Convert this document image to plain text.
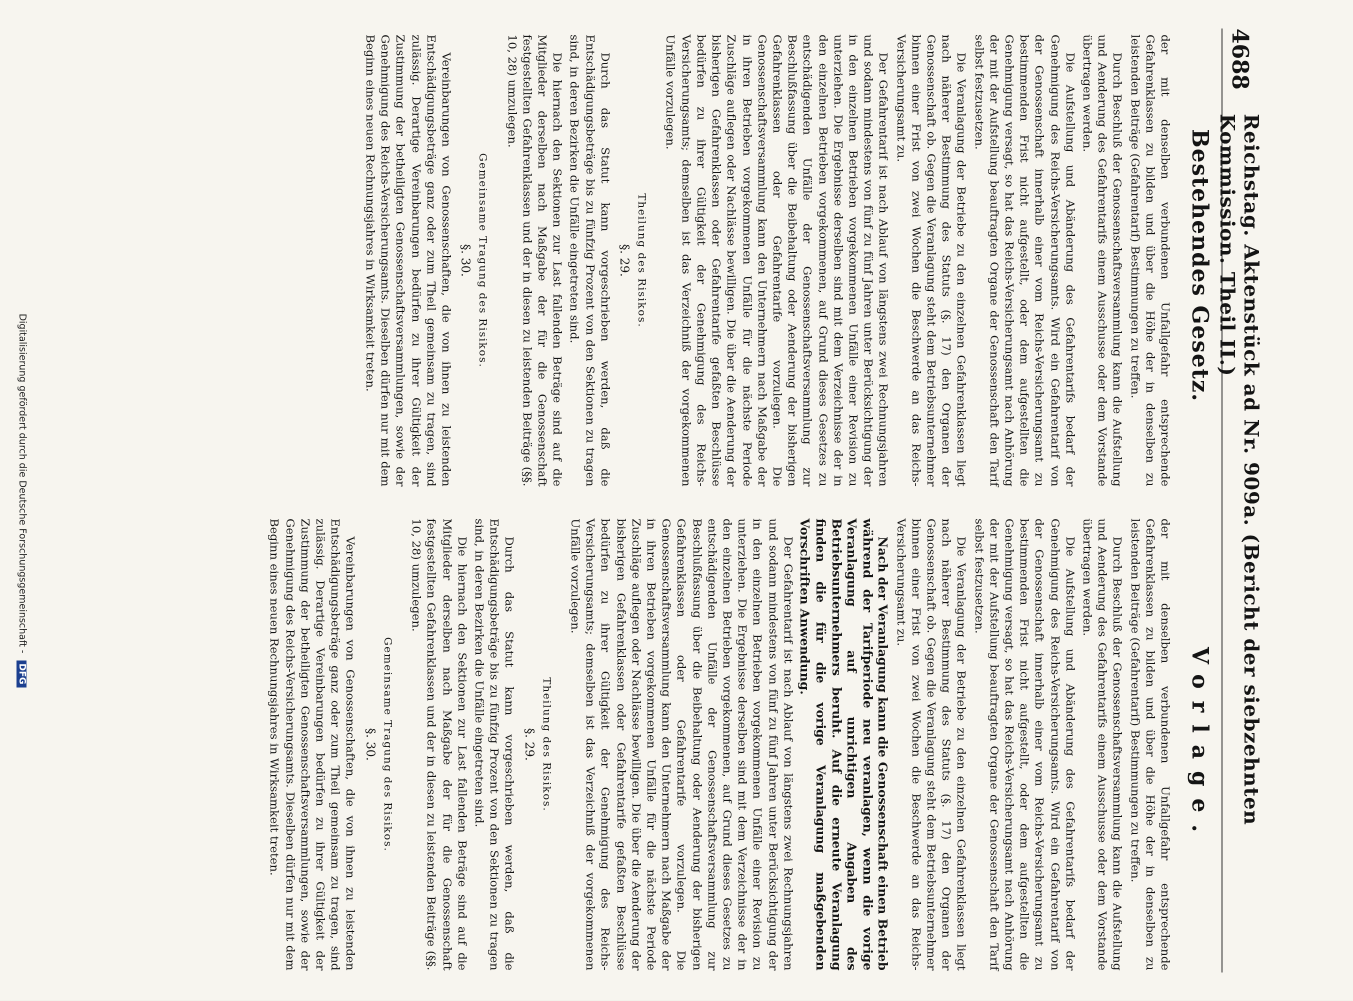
4688
Reichstag. Aktenstück ad Nr. 909a. (Bericht der siebzehnten Kommission. Theil II.)
Bestehendes Gesetz.
Vorlage.

der mit denselben verbundenen Unfallgefahr entsprechende Gefahrenklassen zu bilden und über die Höhe der in denselben zu leistenden Beiträge (Gefahrentarif) Bestimmungen zu treffen.

Durch Beschluß der Genossenschaftsversammlung kann die Aufstellung und Aenderung des Gefahrentarifs einem Ausschusse oder dem Vorstande übertragen werden.

Die Aufstellung und Abänderung des Gefahrentarifs bedarf der Genehmigung des Reichs-Versicherungsamts. Wird ein Gefahrentarif von der Genossenschaft innerhalb einer vom Reichs-Versicherungsamt zu bestimmenden Frist nicht aufgestellt, oder dem aufgestellten die Genehmigung versagt, so hat das Reichs-Versicherungsamt nach Anhörung der mit der Aufstellung beauftragten Organe der Genossenschaft den Tarif selbst festzusetzen.

Die Veranlagung der Betriebe zu den einzelnen Gefahrenklassen liegt nach näherer Bestimmung des Statuts (§. 17) den Organen der Genossenschaft ob. Gegen die Veranlagung steht dem Betriebsunternehmer binnen einer Frist von zwei Wochen die Beschwerde an das Reichs-Versicherungsamt zu.

Der Gefahrentarif ist nach Ablauf von längstens zwei Rechnungsjahren und sodann mindestens von fünf zu fünf Jahren unter Berücksichtigung der in den einzelnen Betrieben vorgekommenen Unfälle einer Revision zu unterziehen. Die Ergebnisse derselben sind mit dem Verzeichnisse der in den einzelnen Betrieben vorgekommenen, auf Grund dieses Gesetzes zu entschädigenden Unfälle der Genossenschaftsversammlung zur Beschlußfassung über die Beibehaltung oder Aenderung der bisherigen Gefahrenklassen oder Gefahrentarife vorzulegen. Die Genossenschaftsversammlung kann den Unternehmern nach Maßgabe der in ihren Betrieben vorgekommenen Unfälle für die nächste Periode Zuschläge auflegen oder Nachlässe bewilligen. Die über die Aenderung der bisherigen Gefahrenklassen oder Gefahrentarife gefaßten Beschlüsse bedürfen zu ihrer Gültigkeit der Genehmigung des Reichs-Versicherungsamts; demselben ist das Verzeichniß der vorgekommenen Unfälle vorzulegen.

Theilung des Risikos.

§. 29.

Durch das Statut kann vorgeschrieben werden, daß die Entschädigungsbeträge bis zu fünfzig Prozent von den Sektionen zu tragen sind, in deren Bezirken die Unfälle eingetreten sind.

Die hiernach den Sektionen zur Last fallenden Beträge sind auf die Mitglieder derselben nach Maßgabe der für die Genossenschaft festgestellten Gefahrenklassen und der in diesen zu leistenden Beiträge (§§. 10, 28) umzulegen.

Gemeinsame Tragung des Risikos.

§. 30.

Vereinbarungen von Genossenschaften, die von ihnen zu leistenden Entschädigungsbeträge ganz oder zum Theil gemeinsam zu tragen, sind zulässig. Derartige Vereinbarungen bedürfen zu ihrer Gültigkeit der Zustimmung der betheiligten Genossenschaftsversammlungen, sowie der Genehmigung des Reichs-Versicherungsamts. Dieselben dürfen nur mit dem Beginn eines neuen Rechnungsjahres in Wirksamkeit treten.

der mit denselben verbundenen Unfallgefahr entsprechende Gefahrenklassen zu bilden und über die Höhe der in denselben zu leistenden Beiträge (Gefahrentarif) Bestimmungen zu treffen.

Durch Beschluß der Genossenschaftsversammlung kann die Aufstellung und Aenderung des Gefahrentarifs einem Ausschusse oder dem Vorstande übertragen werden.

Die Aufstellung und Abänderung des Gefahrentarifs bedarf der Genehmigung des Reichs-Versicherungsamts. Wird ein Gefahrentarif von der Genossenschaft innerhalb einer vom Reichs-Versicherungsamt zu bestimmenden Frist nicht aufgestellt, oder dem aufgestellten die Genehmigung versagt, so hat das Reichs-Versicherungsamt nach Anhörung der mit der Aufstellung beauftragten Organe der Genossenschaft den Tarif selbst festzusetzen.

Die Veranlagung der Betriebe zu den einzelnen Gefahrenklassen liegt nach näherer Bestimmung des Statuts (§. 17) den Organen der Genossenschaft ob. Gegen die Veranlagung steht dem Betriebsunternehmer binnen einer Frist von zwei Wochen die Beschwerde an das Reichs-Versicherungsamt zu.

Nach der Veranlagung kann die Genossenschaft einen Betrieb während der Tarifperiode neu veranlagen, wenn die vorige Veranlagung auf unrichtigen Angaben des Betriebsunternehmers beruht. Auf die erneute Veranlagung finden die für die vorige Veranlagung maßgebenden Vorschriften Anwendung.

Der Gefahrentarif ist nach Ablauf von längstens zwei Rechnungsjahren und sodann mindestens von fünf zu fünf Jahren unter Berücksichtigung der in den einzelnen Betrieben vorgekommenen Unfälle einer Revision zu unterziehen. Die Ergebnisse derselben sind mit dem Verzeichnisse der in den einzelnen Betrieben vorgekommenen, auf Grund dieses Gesetzes zu entschädigenden Unfälle der Genossenschaftsversammlung zur Beschlußfassung über die Beibehaltung oder Aenderung der bisherigen Gefahrenklassen oder Gefahrentarife vorzulegen. Die Genossenschaftsversammlung kann den Unternehmern nach Maßgabe der in ihren Betrieben vorgekommenen Unfälle für die nächste Periode Zuschläge auflegen oder Nachlässe bewilligen. Die über die Aenderung der bisherigen Gefahrenklassen oder Gefahrentarife gefaßten Beschlüsse bedürfen zu ihrer Gültigkeit der Genehmigung des Reichs-Versicherungsamts; demselben ist das Verzeichniß der vorgekommenen Unfälle vorzulegen.

Theilung des Risikos.

§. 29.

Durch das Statut kann vorgeschrieben werden, daß die Entschädigungsbeträge bis zu fünfzig Prozent von den Sektionen zu tragen sind, in deren Bezirken die Unfälle eingetreten sind.

Die hiernach den Sektionen zur Last fallenden Beträge sind auf die Mitglieder derselben nach Maßgabe der für die Genossenschaft festgestellten Gefahrenklassen und der in diesen zu leistenden Beiträge (§§. 10, 28) umzulegen.

Gemeinsame Tragung des Risikos.

§. 30.

Vereinbarungen von Genossenschaften, die von ihnen zu leistenden Entschädigungsbeträge ganz oder zum Theil gemeinsam zu tragen, sind zulässig. Derartige Vereinbarungen bedürfen zu ihrer Gültigkeit der Zustimmung der betheiligten Genossenschaftsversammlungen, sowie der Genehmigung des Reichs-Versicherungsamts. Dieselben dürfen nur mit dem Beginn eines neuen Rechnungsjahres in Wirksamkeit treten.

Digitalisierung gefördert durch die Deutsche Forschungsgemeinschaft - DFG
